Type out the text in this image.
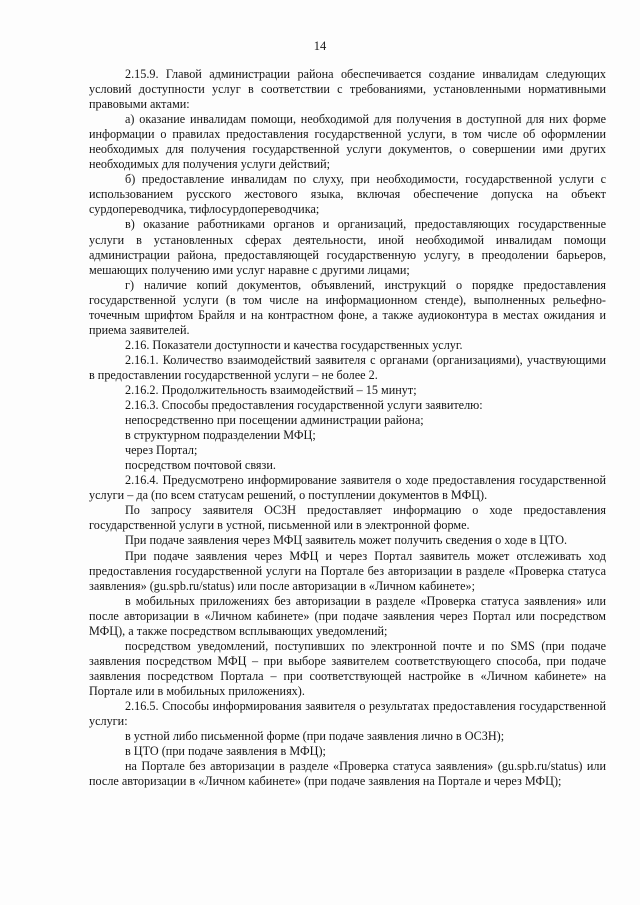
14

2.15.9. Главой администрации района обеспечивается создание инвалидам следующих условий доступности услуг в соответствии с требованиями, установленными нормативными правовыми актами:

а) оказание инвалидам помощи, необходимой для получения в доступной для них форме информации о правилах предоставления государственной услуги, в том числе об оформлении необходимых для получения государственной услуги документов, о совершении ими других необходимых для получения услуги действий;

б) предоставление инвалидам по слуху, при необходимости, государственной услуги с использованием русского жестового языка, включая обеспечение допуска на объект сурдопереводчика, тифлосурдопереводчика;

в) оказание работниками органов и организаций, предоставляющих государственные услуги в установленных сферах деятельности, иной необходимой инвалидам помощи администрации района, предоставляющей государственную услугу, в преодолении барьеров, мешающих получению ими услуг наравне с другими лицами;

г) наличие копий документов, объявлений, инструкций о порядке предоставления государственной услуги (в том числе на информационном стенде), выполненных рельефно-точечным шрифтом Брайля и на контрастном фоне, а также аудиоконтура в местах ожидания и приема заявителей.

2.16. Показатели доступности и качества государственных услуг.

2.16.1. Количество взаимодействий заявителя с органами (организациями), участвующими в предоставлении государственной услуги – не более 2.

2.16.2. Продолжительность взаимодействий – 15 минут;

2.16.3. Способы предоставления государственной услуги заявителю:

непосредственно при посещении администрации района;

в структурном подразделении МФЦ;

через Портал;

посредством почтовой связи.

2.16.4. Предусмотрено информирование заявителя о ходе предоставления государственной услуги – да (по всем статусам решений, о поступлении документов в МФЦ).

По запросу заявителя ОСЗН предоставляет информацию о ходе предоставления государственной услуги в устной, письменной или в электронной форме.

При подаче заявления через МФЦ заявитель может получить сведения о ходе в ЦТО.

При подаче заявления через МФЦ и через Портал заявитель может отслеживать ход предоставления государственной услуги на Портале без авторизации в разделе «Проверка статуса заявления» (gu.spb.ru/status) или после авторизации в «Личном кабинете»;

в мобильных приложениях без авторизации в разделе «Проверка статуса заявления» или после авторизации в «Личном кабинете» (при подаче заявления через Портал или посредством МФЦ), а также посредством всплывающих уведомлений;

посредством уведомлений, поступивших по электронной почте и по SMS (при подаче заявления посредством МФЦ – при выборе заявителем соответствующего способа, при подаче заявления посредством Портала – при соответствующей настройке в «Личном кабинете» на Портале или в мобильных приложениях).

2.16.5. Способы информирования заявителя о результатах предоставления государственной услуги:

в устной либо письменной форме (при подаче заявления лично в ОСЗН);

в ЦТО (при подаче заявления в МФЦ);

на Портале без авторизации в разделе «Проверка статуса заявления» (gu.spb.ru/status) или после авторизации в «Личном кабинете» (при подаче заявления на Портале и через МФЦ);
